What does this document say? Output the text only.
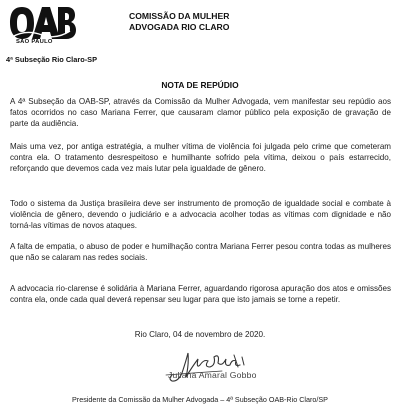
SÃO PAULO
4ª Subseção Rio Claro-SP
COMISSÃO DA MULHER
ADVOGADA RIO CLARO
NOTA DE REPÚDIO

A 4ª Subseção da OAB-SP, através da Comissão da Mulher Advogada, vem manifestar seu repúdio aos fatos ocorridos no caso Mariana Ferrer, que causaram clamor público pela exposição de gravação de parte da audiência.

Mais uma vez, por antiga estratégia, a mulher vítima de violência foi julgada pelo crime que cometeram contra ela. O tratamento desrespeitoso e humilhante sofrido pela vítima, deixou o país estarrecido, reforçando que devemos cada vez mais lutar pela igualdade de gênero.

Todo o sistema da Justiça brasileira deve ser instrumento de promoção de igualdade social e combate à violência de gênero, devendo o judiciário e a advocacia acolher todas as vítimas com dignidade e não torná-las vítimas de novos ataques.

A falta de empatia, o abuso de poder e humilhação contra Mariana Ferrer pesou contra todas as mulheres que não se calaram nas redes sociais.

A advocacia rio-clarense é solidária à Mariana Ferrer, aguardando rigorosa apuração dos atos e omissões contra ela, onde cada qual deverá repensar seu lugar para que isto jamais se torne a repetir.

Rio Claro, 04 de novembro de 2020.
Juliana Amaral Gobbo
Presidente da Comissão da Mulher Advogada – 4ª Subseção OAB-Rio Claro/SP
